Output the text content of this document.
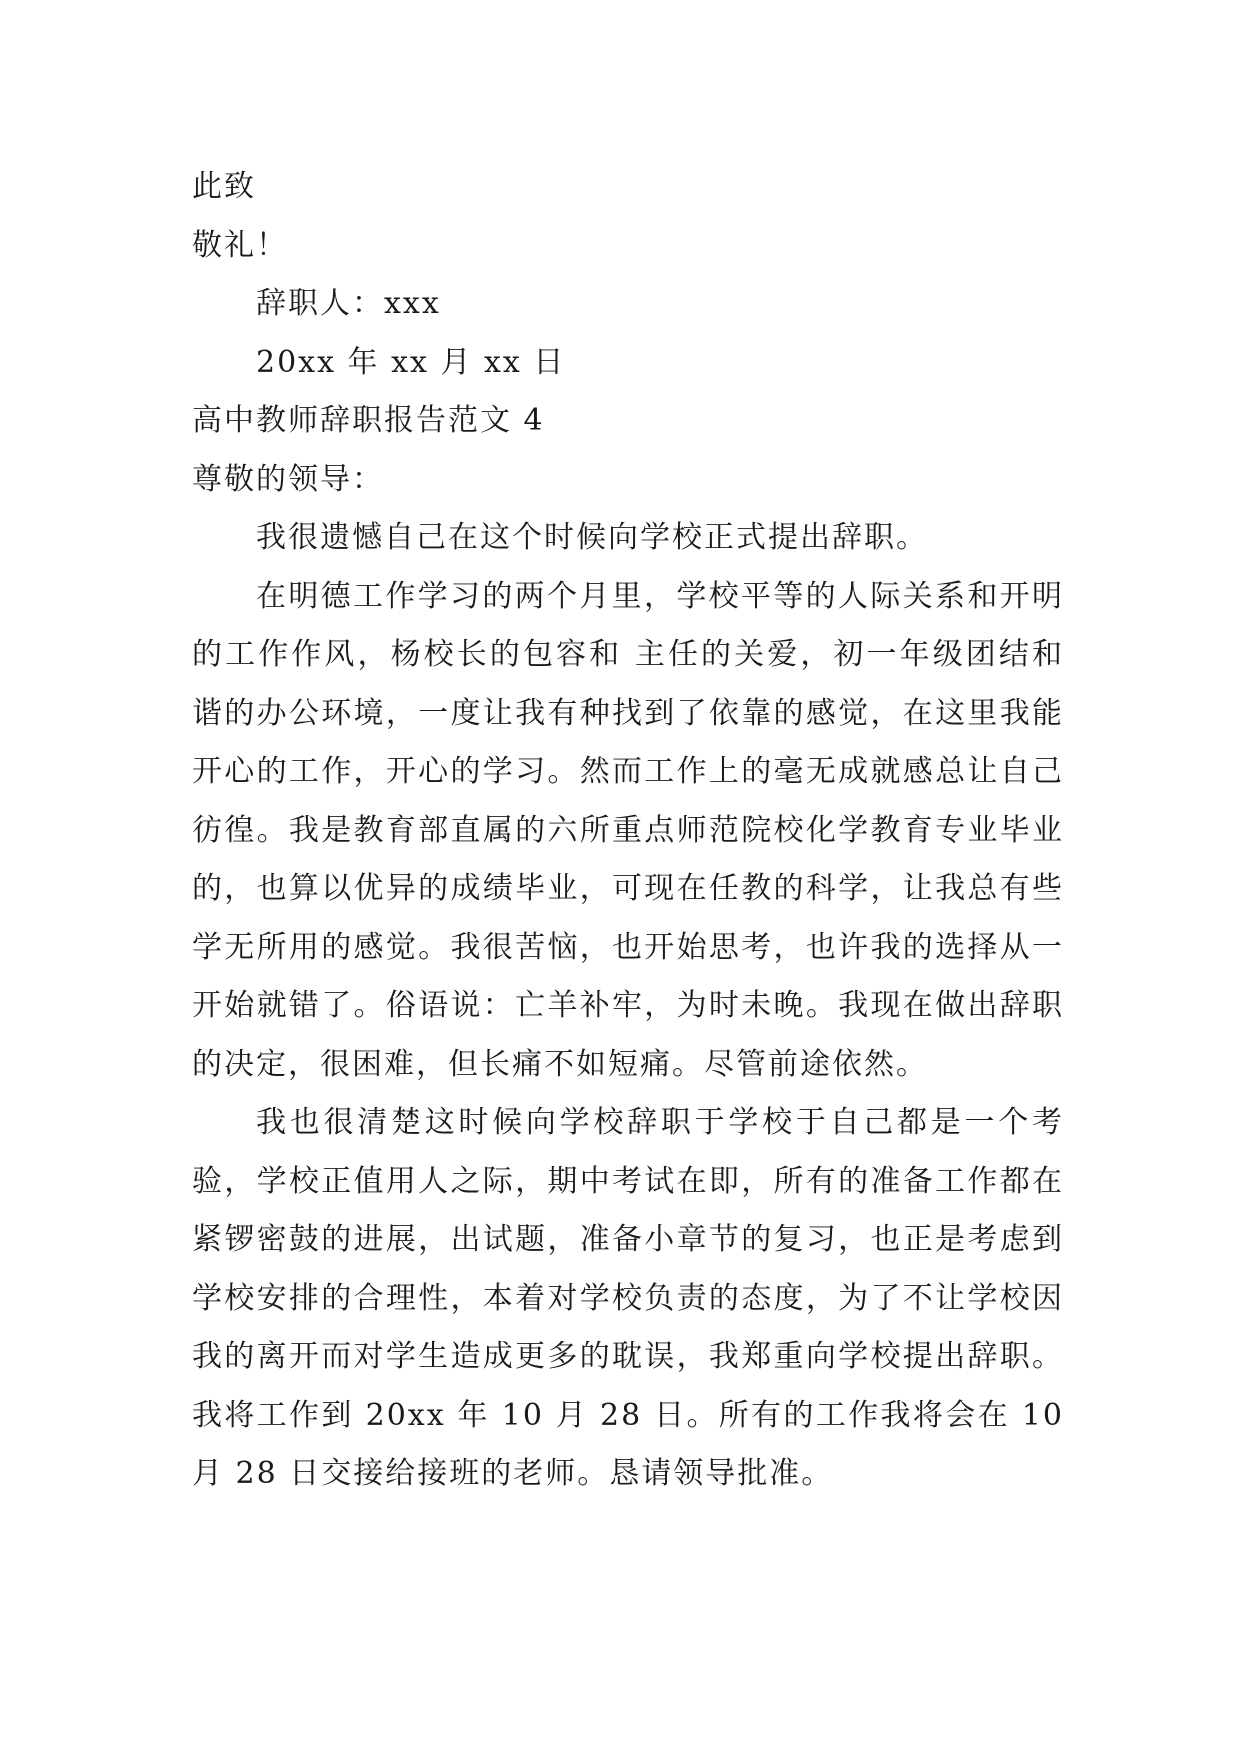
此致

敬礼！

辞职人：xxx

20xx 年 xx 月 xx 日

高中教师辞职报告范文 4

尊敬的领导：

我很遗憾自己在这个时候向学校正式提出辞职。

在明德工作学习的两个月里，学校平等的人际关系和开明的工作作风，杨校长的包容和 主任的关爱，初一年级团结和谐的办公环境，一度让我有种找到了依靠的感觉，在这里我能开心的工作，开心的学习。然而工作上的毫无成就感总让自己彷徨。我是教育部直属的六所重点师范院校化学教育专业毕业的，也算以优异的成绩毕业，可现在任教的科学，让我总有些学无所用的感觉。我很苦恼，也开始思考，也许我的选择从一开始就错了。俗语说：亡羊补牢，为时未晚。我现在做出辞职的决定，很困难，但长痛不如短痛。尽管前途依然。

我也很清楚这时候向学校辞职于学校于自己都是一个考验，学校正值用人之际，期中考试在即，所有的准备工作都在紧锣密鼓的进展，出试题，准备小章节的复习，也正是考虑到学校安排的合理性，本着对学校负责的态度，为了不让学校因我的离开而对学生造成更多的耽误，我郑重向学校提出辞职。我将工作到 20xx 年 10 月 28 日。所有的工作我将会在 10 月 28 日交接给接班的老师。恳请领导批准。
